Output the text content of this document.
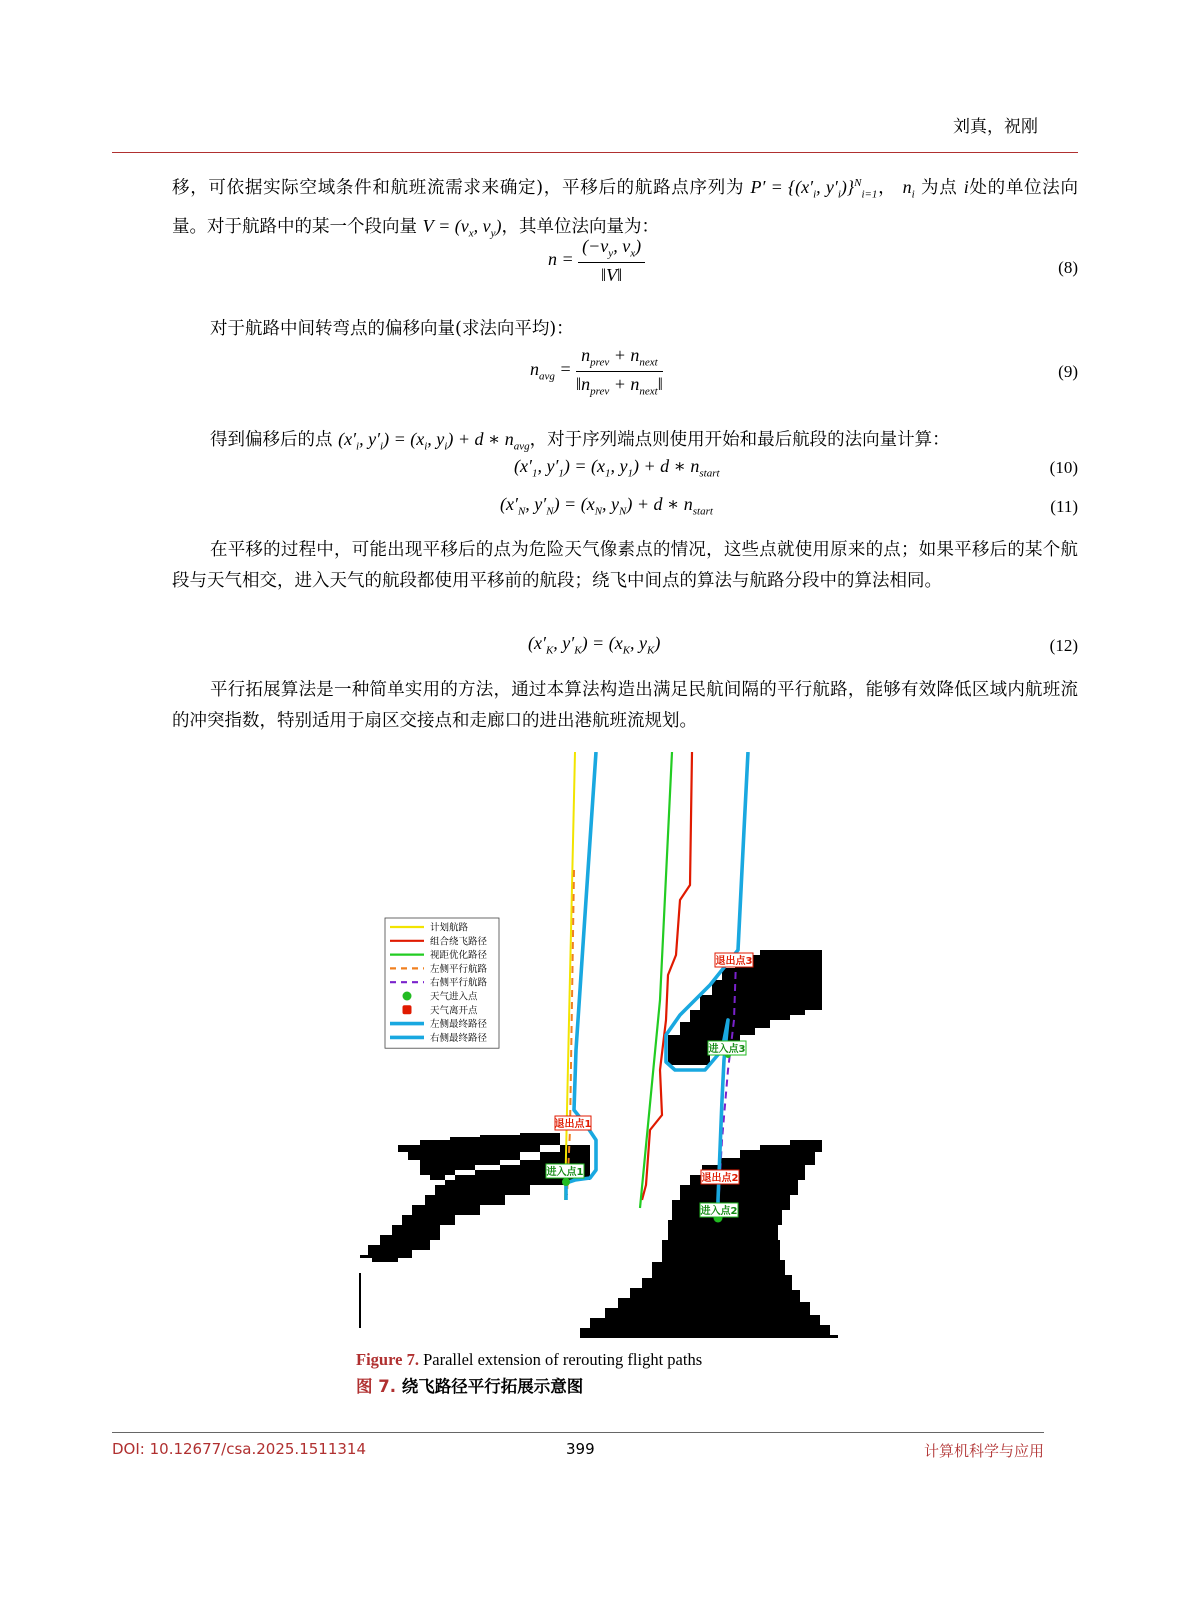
刘真，祝刚
移，可依据实际空域条件和航班流需求来确定)，平移后的航路点序列为 $P' = \{(x'_i$, $y'_i)\}^N_{i=1}$， $n_i$ 为点 i处的单位法向量。对于航路中的某一个段向量 $V = (v_x$, $v_y$)，其单位法向量为：
$n = \frac{(-v_y, v_x)}{‖V‖}$	(8)
对于航路中间转弯点的偏移向量(求法向平均)：
$n_{avg} = \frac{n_{prev} + n_{next}}{‖n_{prev} + n_{next}‖}$	(9)
得到偏移后的点 ($x'_i$, $y'_i) = (x_i$, $y_i) + d$ ∗ $n_{avg}$，对于序列端点则使用开始和最后航段的法向量计算：
($x'_1$, $y'_1) = (x_1$, $y_1) + d$ ∗ $n_{start}$	(10)
($x'_N$, $y'_N) = (x_N$, $y_N) + d$ ∗ $n_{start}$	(11)
在平移的过程中，可能出现平移后的点为危险天气像素点的情况，这些点就使用原来的点；如果平移后的某个航段与天气相交，进入天气的航段都使用平移前的航段；绕飞中间点的算法与航路分段中的算法相同。
($x'_K$, $y'_K) = (x_K$, $y_K$)	(12)
平行拓展算法是一种简单实用的方法，通过本算法构造出满足民航间隔的平行航路，能够有效降低区域内航班流的冲突指数，特别适用于扇区交接点和走廊口的进出港航班流规划。
退出点1
进入点1
退出点2
进入点2
退出点3
进入点3
计划航路
组合绕飞路径
视距优化路径
左侧平行航路
右侧平行航路
天气进入点
天气离开点
左侧最终路径
右侧最终路径
Figure 7. Parallel extension of rerouting flight paths
图 7. 绕飞路径平行拓展示意图
DOI: 10.12677/csa.2025.1511314	399	计算机科学与应用
